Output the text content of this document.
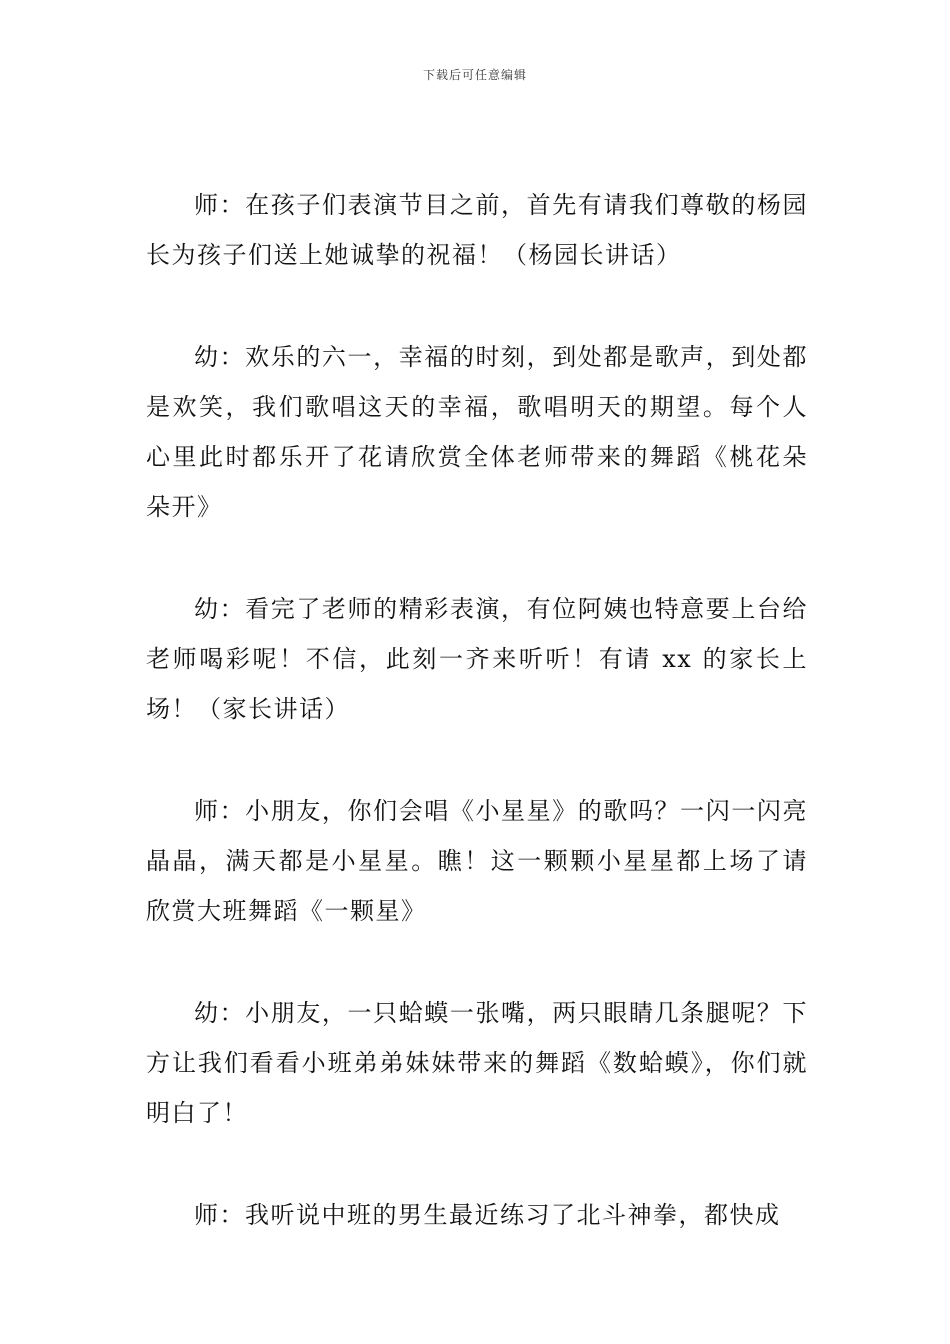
下载后可任意编辑

师：在孩子们表演节目之前，首先有请我们尊敬的杨园长为孩子们送上她诚挚的祝福！（杨园长讲话）

幼：欢乐的六一，幸福的时刻，到处都是歌声，到处都是欢笑，我们歌唱这天的幸福，歌唱明天的期望。每个人心里此时都乐开了花请欣赏全体老师带来的舞蹈《桃花朵朵开》

幼：看完了老师的精彩表演，有位阿姨也特意要上台给老师喝彩呢！不信，此刻一齐来听听！有请 xx 的家长上场！（家长讲话）

师：小朋友，你们会唱《小星星》的歌吗？一闪一闪亮晶晶，满天都是小星星。瞧！这一颗颗小星星都上场了请欣赏大班舞蹈《一颗星》

幼：小朋友，一只蛤蟆一张嘴，两只眼睛几条腿呢？下方让我们看看小班弟弟妹妹带来的舞蹈《数蛤蟆》，你们就明白了！

师：我听说中班的男生最近练习了北斗神拳，都快成
